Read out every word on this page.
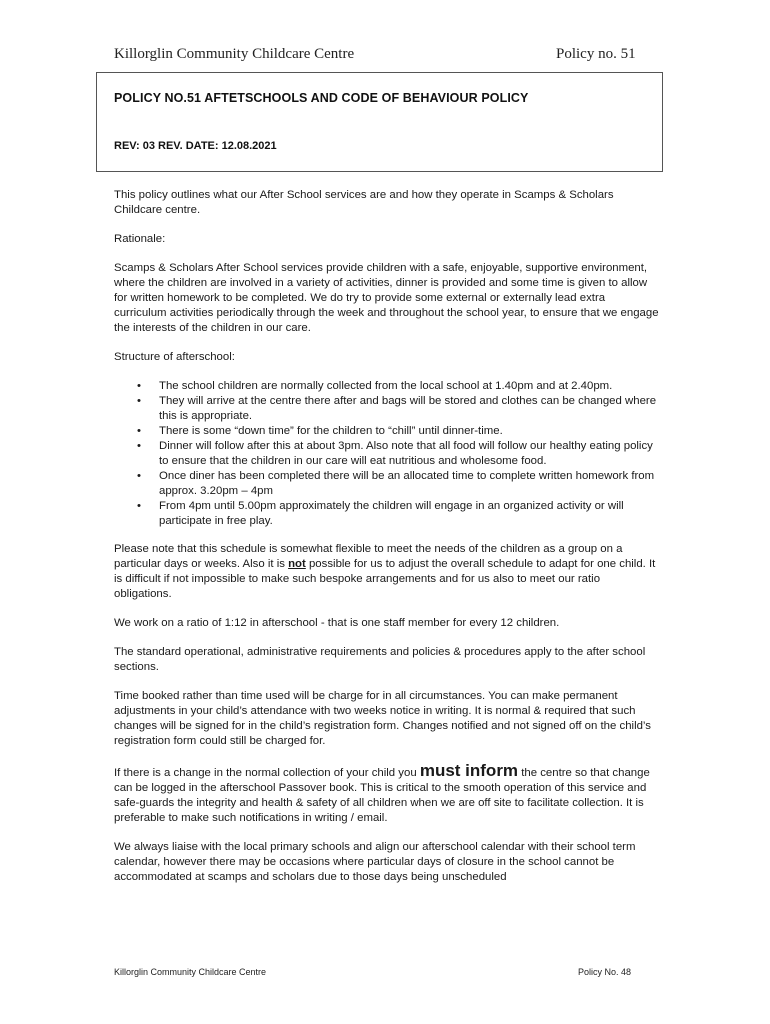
Killorglin Community Childcare Centre	Policy no. 51
POLICY NO.51 AFTETSCHOOLS AND CODE OF BEHAVIOUR POLICY
REV: 03 REV. DATE: 12.08.2021

This policy outlines what our After School services are and how they operate in Scamps & Scholars Childcare centre.

Rationale:

Scamps & Scholars After School services provide children with a safe, enjoyable, supportive environment, where the children are involved in a variety of activities, dinner is provided and some time is given to allow for written homework to be completed. We do try to provide some external or externally lead extra curriculum activities periodically through the week and throughout the school year, to ensure that we engage the interests of the children in our care.

Structure of afterschool:

• The school children are normally collected from the local school at 1.40pm and at 2.40pm.
• They will arrive at the centre there after and bags will be stored and clothes can be changed where this is appropriate.
• There is some “down time” for the children to “chill” until dinner-time.
• Dinner will follow after this at about 3pm. Also note that all food will follow our healthy eating policy to ensure that the children in our care will eat nutritious and wholesome food.
• Once diner has been completed there will be an allocated time to complete written homework from approx. 3.20pm – 4pm
• From 4pm until 5.00pm approximately the children will engage in an organized activity or will participate in free play.

Please note that this schedule is somewhat flexible to meet the needs of the children as a group on a particular days or weeks. Also it is not possible for us to adjust the overall schedule to adapt for one child. It is difficult if not impossible to make such bespoke arrangements and for us also to meet our ratio obligations.

We work on a ratio of 1:12 in afterschool - that is one staff member for every 12 children.

The standard operational, administrative requirements and policies & procedures apply to the after school sections.

Time booked rather than time used will be charge for in all circumstances. You can make permanent adjustments in your child’s attendance with two weeks notice in writing. It is normal & required that such changes will be signed for in the child’s registration form. Changes notified and not signed off on the child’s registration form could still be charged for.

If there is a change in the normal collection of your child you must inform the centre so that change can be logged in the afterschool Passover book. This is critical to the smooth operation of this service and safe-guards the integrity and health & safety of all children when we are off site to facilitate collection. It is preferable to make such notifications in writing / email.

We always liaise with the local primary schools and align our afterschool calendar with their school term calendar, however there may be occasions where particular days of closure in the school cannot be accommodated at scamps and scholars due to those days being unscheduled

Killorglin Community Childcare Centre	Policy No. 48
